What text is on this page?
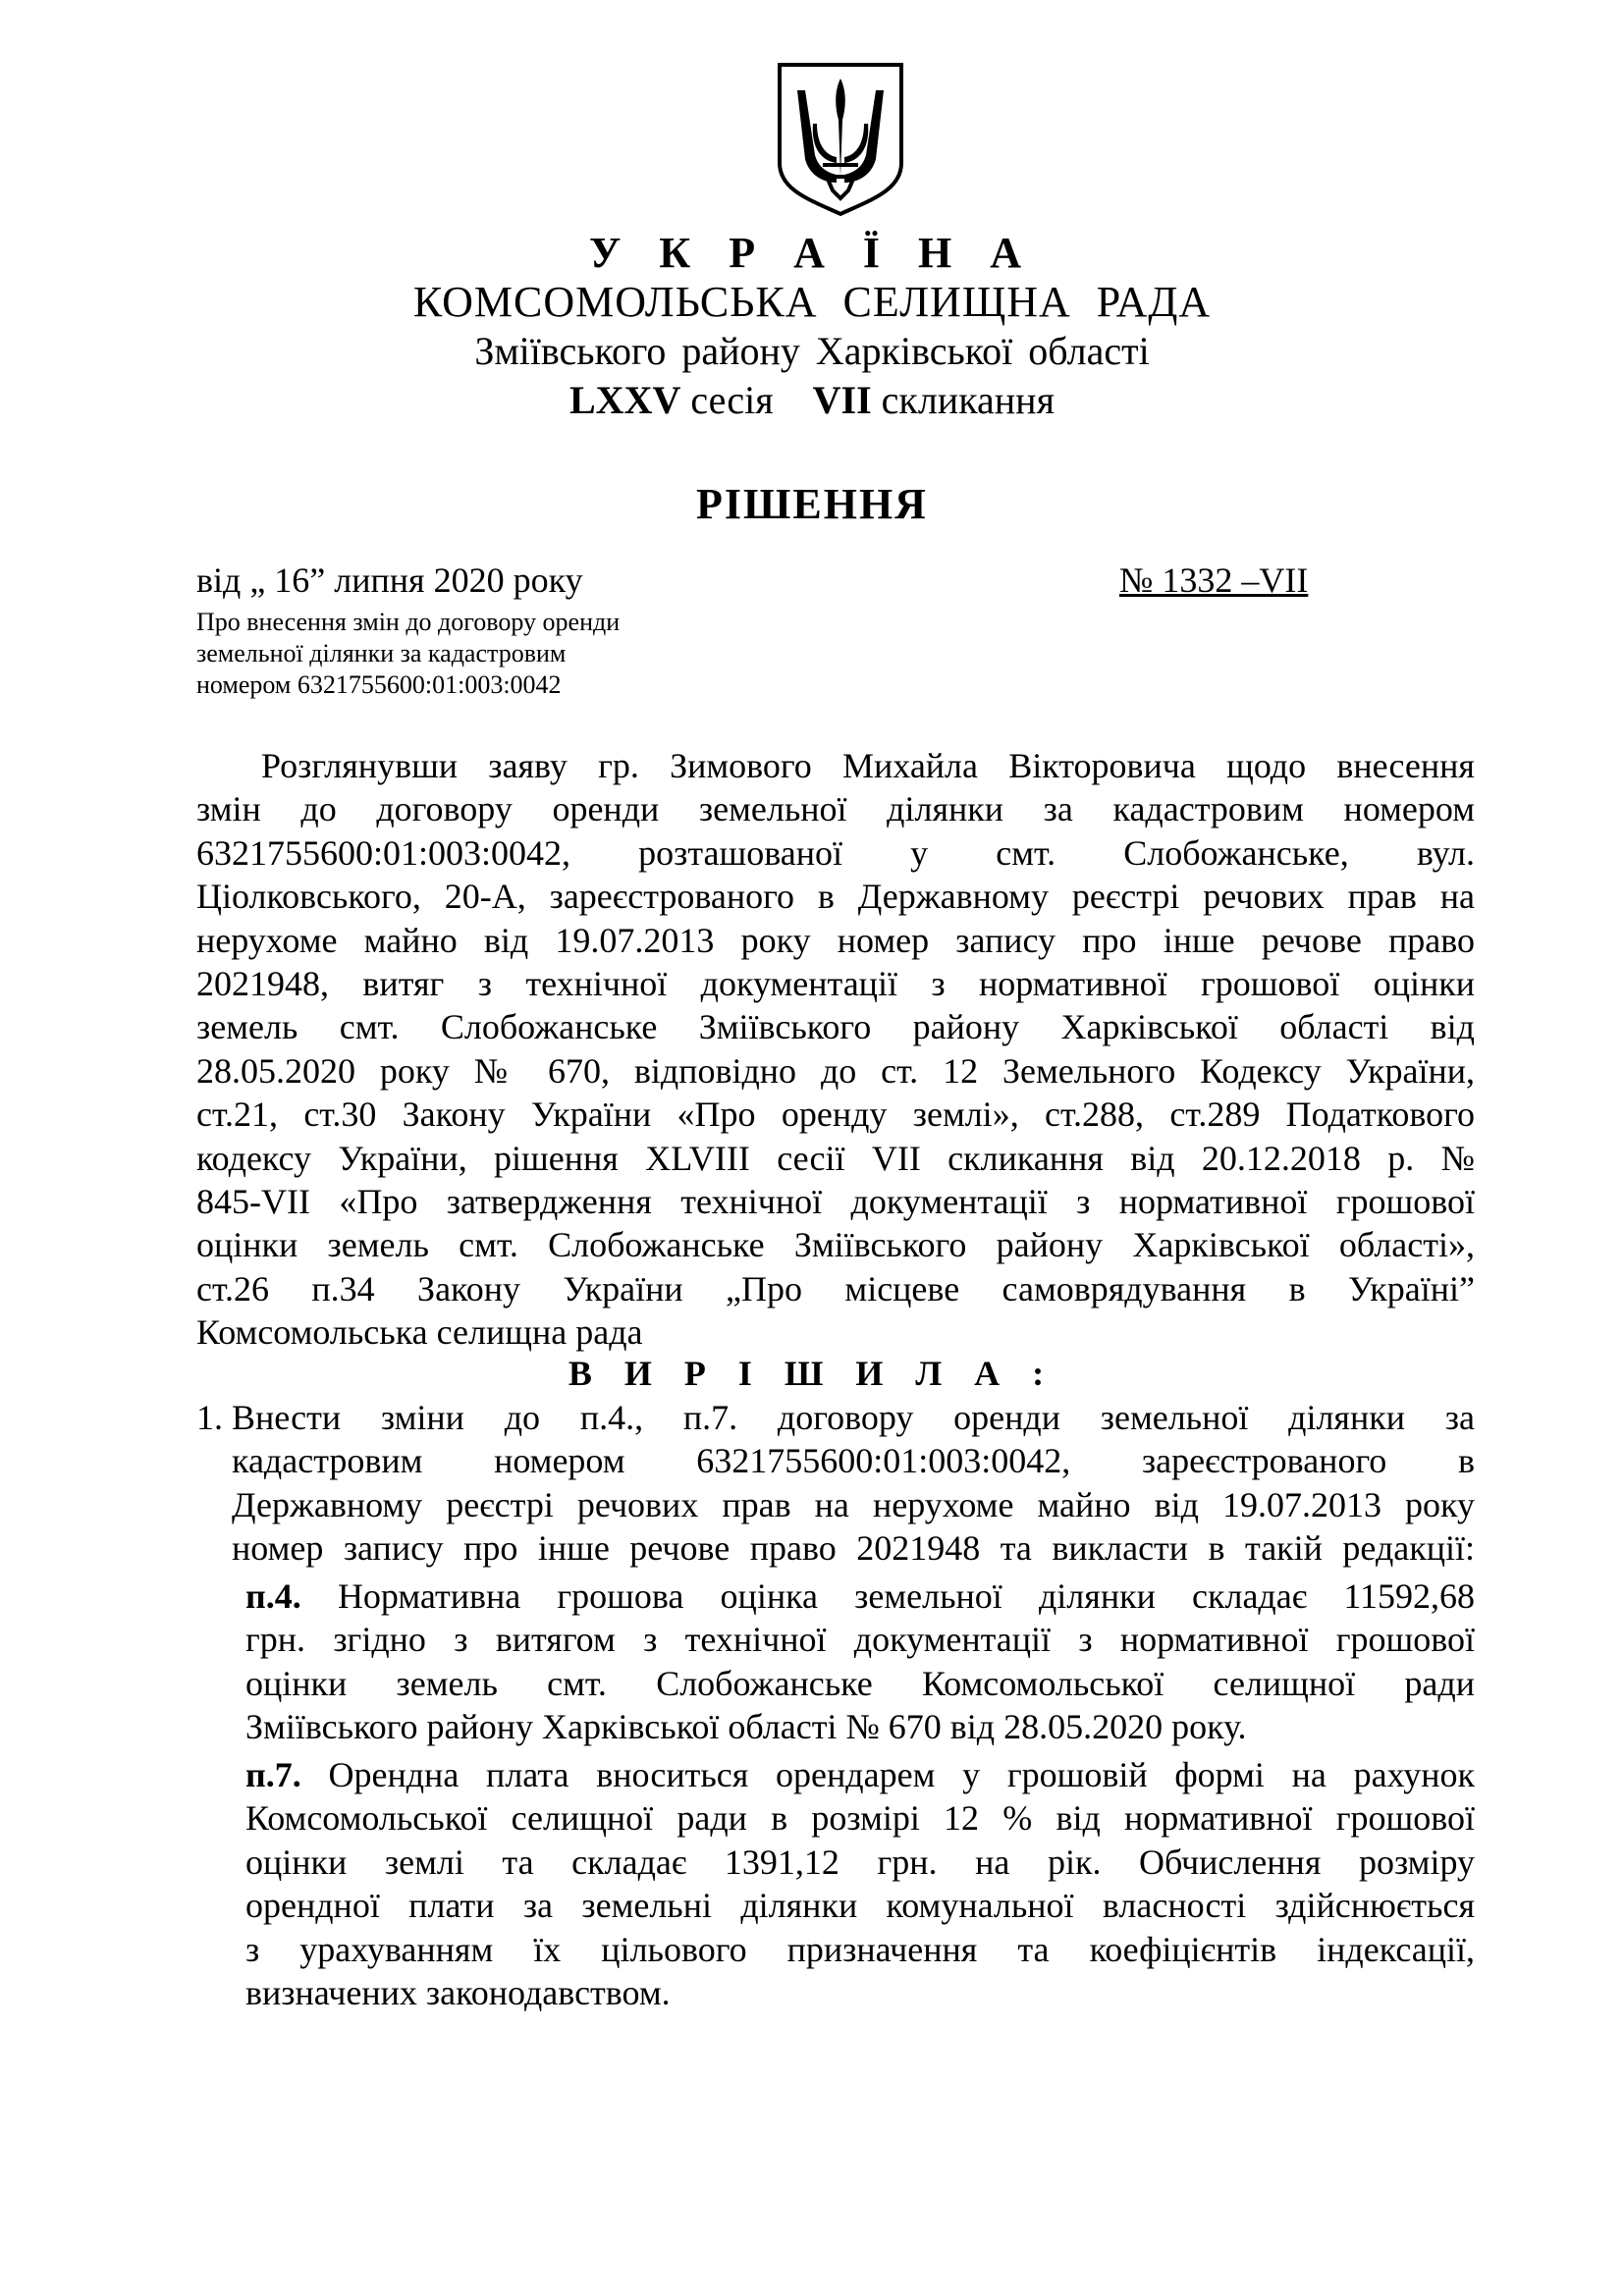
У К Р А Ї Н А
КОМСОМОЛЬСЬКА СЕЛИЩНА РАДА
Зміївського району Харківської області
LXXV сесія VII скликання
РІШЕННЯ
від „ 16” липня 2020 року	№ 1332 –VII
Про внесення змін до договору оренди
земельної ділянки за кадастровим
номером 6321755600:01:003:0042
Розглянувши заяву гр. Зимового Михайла Вікторовича щодо внесення
змін до договору оренди земельної ділянки за кадастровим номером
6321755600:01:003:0042, розташованої у смт. Слобожанське, вул.
Ціолковського, 20-А, зареєстрованого в Державному реєстрі речових прав на
нерухоме майно від 19.07.2013 року номер запису про інше речове право
2021948, витяг з технічної документації з нормативної грошової оцінки
земель смт. Слобожанське Зміївського району Харківської області від
28.05.2020 року № 670, відповідно до ст. 12 Земельного Кодексу України,
ст.21, ст.30 Закону України «Про оренду землі», ст.288, ст.289 Податкового
кодексу України, рішення XLVIII сесії VII скликання від 20.12.2018 р. №
845-VII «Про затвердження технічної документації з нормативної грошової
оцінки земель смт. Слобожанське Зміївського району Харківської області»,
ст.26 п.34 Закону України „Про місцеве самоврядування в Україні”
Комсомольська селищна рада
В И Р І Ш И Л А :
1. Внести зміни до п.4., п.7. договору оренди земельної ділянки за
кадастровим номером 6321755600:01:003:0042, зареєстрованого в
Державному реєстрі речових прав на нерухоме майно від 19.07.2013 року
номер запису про інше речове право 2021948 та викласти в такій редакції:
п.4. Нормативна грошова оцінка земельної ділянки складає 11592,68
грн. згідно з витягом з технічної документації з нормативної грошової
оцінки земель смт. Слобожанське Комсомольської селищної ради
Зміївського району Харківської області № 670 від 28.05.2020 року.
п.7. Орендна плата вноситься орендарем у грошовій формі на рахунок
Комсомольської селищної ради в розмірі 12 % від нормативної грошової
оцінки землі та складає 1391,12 грн. на рік. Обчислення розміру
орендної плати за земельні ділянки комунальної власності здійснюється
з урахуванням їх цільового призначення та коефіцієнтів індексації,
визначених законодавством.
